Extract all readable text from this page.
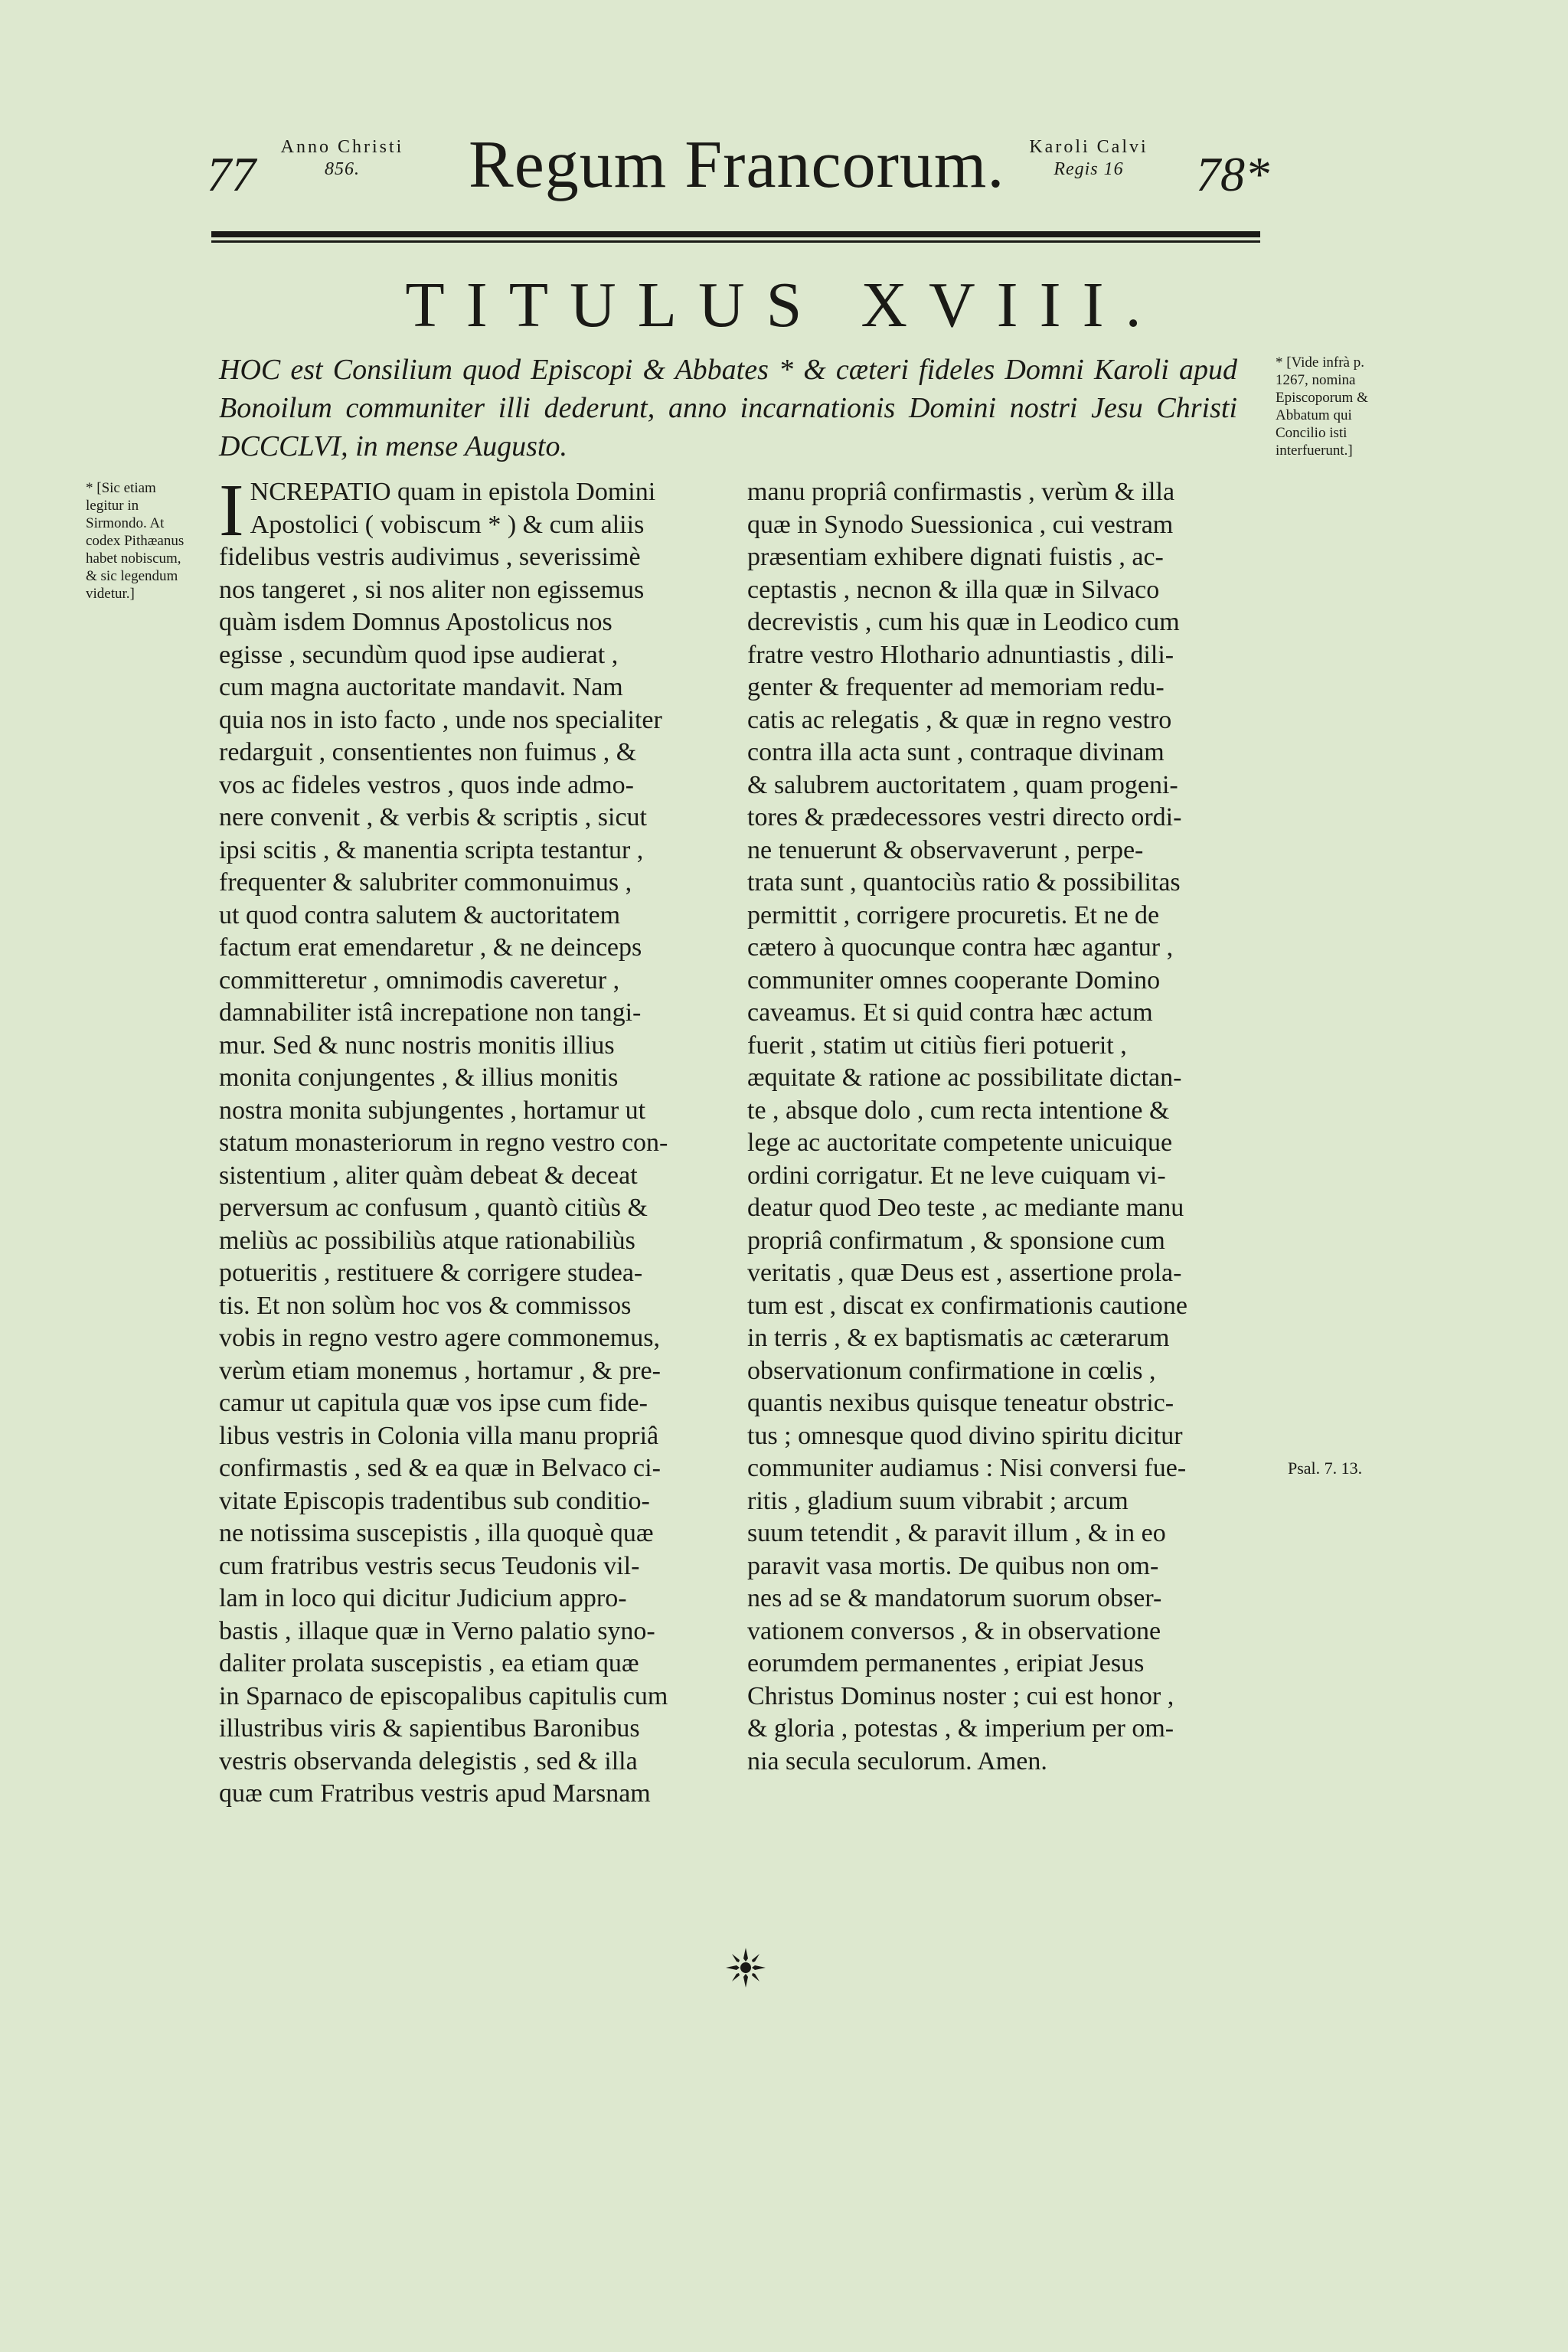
77 Anno Christi
856.	Regum Francorum.	Karoli Calvi
Regis 16	78*
TITULUS XVIII.

HOC est Consilium quod Episcopi & Abbates * & cæteri fideles Domni Karoli apud Bonoilum communiter illi dederunt, anno incarnationis Domini nostri Jesu Christi DCCCLVI, in mense Augusto.

* [Vide infrà p. 1267, nomina Episcoporum & Abbatum qui Concilio isti interfuerunt.]
* [Sic etiam legitur in Sirmondo. At codex Pithæanus habet nobiscum, & sic legendum videtur.]
I NCREPATIO quam in epistola Domini
Apostolici ( vobiscum * ) & cum aliis
fidelibus vestris audivimus , severissimè
nos tangeret , si nos aliter non egissemus
quàm isdem Domnus Apostolicus nos
egisse , secundùm quod ipse audierat ,
cum magna auctoritate mandavit. Nam
quia nos in isto facto , unde nos specialiter
redarguit , consentientes non fuimus , &
vos ac fideles vestros , quos inde admo-
nere convenit , & verbis & scriptis , sicut
ipsi scitis , & manentia scripta testantur ,
frequenter & salubriter commonuimus ,
ut quod contra salutem & auctoritatem
factum erat emendaretur , & ne deinceps
committeretur , omnimodis caveretur ,
damnabiliter istâ increpatione non tangi-
mur. Sed & nunc nostris monitis illius
monita conjungentes , & illius monitis
nostra monita subjungentes , hortamur ut
statum monasteriorum in regno vestro con-
sistentium , aliter quàm debeat & deceat
perversum ac confusum , quantò citiùs &
meliùs ac possibiliùs atque rationabiliùs
potueritis , restituere & corrigere studea-
tis. Et non solùm hoc vos & commissos
vobis in regno vestro agere commonemus,
verùm etiam monemus , hortamur , & pre-
camur ut capitula quæ vos ipse cum fide-
libus vestris in Colonia villa manu propriâ
confirmastis , sed & ea quæ in Belvaco ci-
vitate Episcopis tradentibus sub conditio-
ne notissima suscepistis , illa quoquè quæ
cum fratribus vestris secus Teudonis vil-
lam in loco qui dicitur Judicium appro-
bastis , illaque quæ in Verno palatio syno-
daliter prolata suscepistis , ea etiam quæ
in Sparnaco de episcopalibus capitulis cum
illustribus viris & sapientibus Baronibus
vestris observanda delegistis , sed & illa
quæ cum Fratribus vestris apud Marsnam
manu propriâ confirmastis , verùm & illa
quæ in Synodo Suessionica , cui vestram
præsentiam exhibere dignati fuistis , ac-
ceptastis , necnon & illa quæ in Silvaco
decrevistis , cum his quæ in Leodico cum
fratre vestro Hlothario adnuntiastis , dili-
genter & frequenter ad memoriam redu-
catis ac relegatis , & quæ in regno vestro
contra illa acta sunt , contraque divinam
& salubrem auctoritatem , quam progeni-
tores & prædecessores vestri directo ordi-
ne tenuerunt & observaverunt , perpe-
trata sunt , quantociùs ratio & possibilitas
permittit , corrigere procuretis. Et ne de
cætero à quocunque contra hæc agantur ,
communiter omnes cooperante Domino
caveamus. Et si quid contra hæc actum
fuerit , statim ut citiùs fieri potuerit ,
æquitate & ratione ac possibilitate dictan-
te , absque dolo , cum recta intentione &
lege ac auctoritate competente unicuique
ordini corrigatur. Et ne leve cuiquam vi-
deatur quod Deo teste , ac mediante manu
propriâ confirmatum , & sponsione cum
veritatis , quæ Deus est , assertione prola-
tum est , discat ex confirmationis cautione
in terris , & ex baptismatis ac cæterarum
observationum confirmatione in cœlis ,
quantis nexibus quisque teneatur obstric-
tus ; omnesque quod divino spiritu dicitur
communiter audiamus : Nisi conversi fue-
ritis , gladium suum vibrabit ; arcum
suum tetendit , & paravit illum , & in eo
paravit vasa mortis. De quibus non om-
nes ad se & mandatorum suorum obser-
vationem conversos , & in observatione
eorumdem permanentes , eripiat Jesus
Christus Dominus noster ; cui est honor ,
& gloria , potestas , & imperium per om-
nia secula seculorum. Amen.
Psal. 7. 13.
